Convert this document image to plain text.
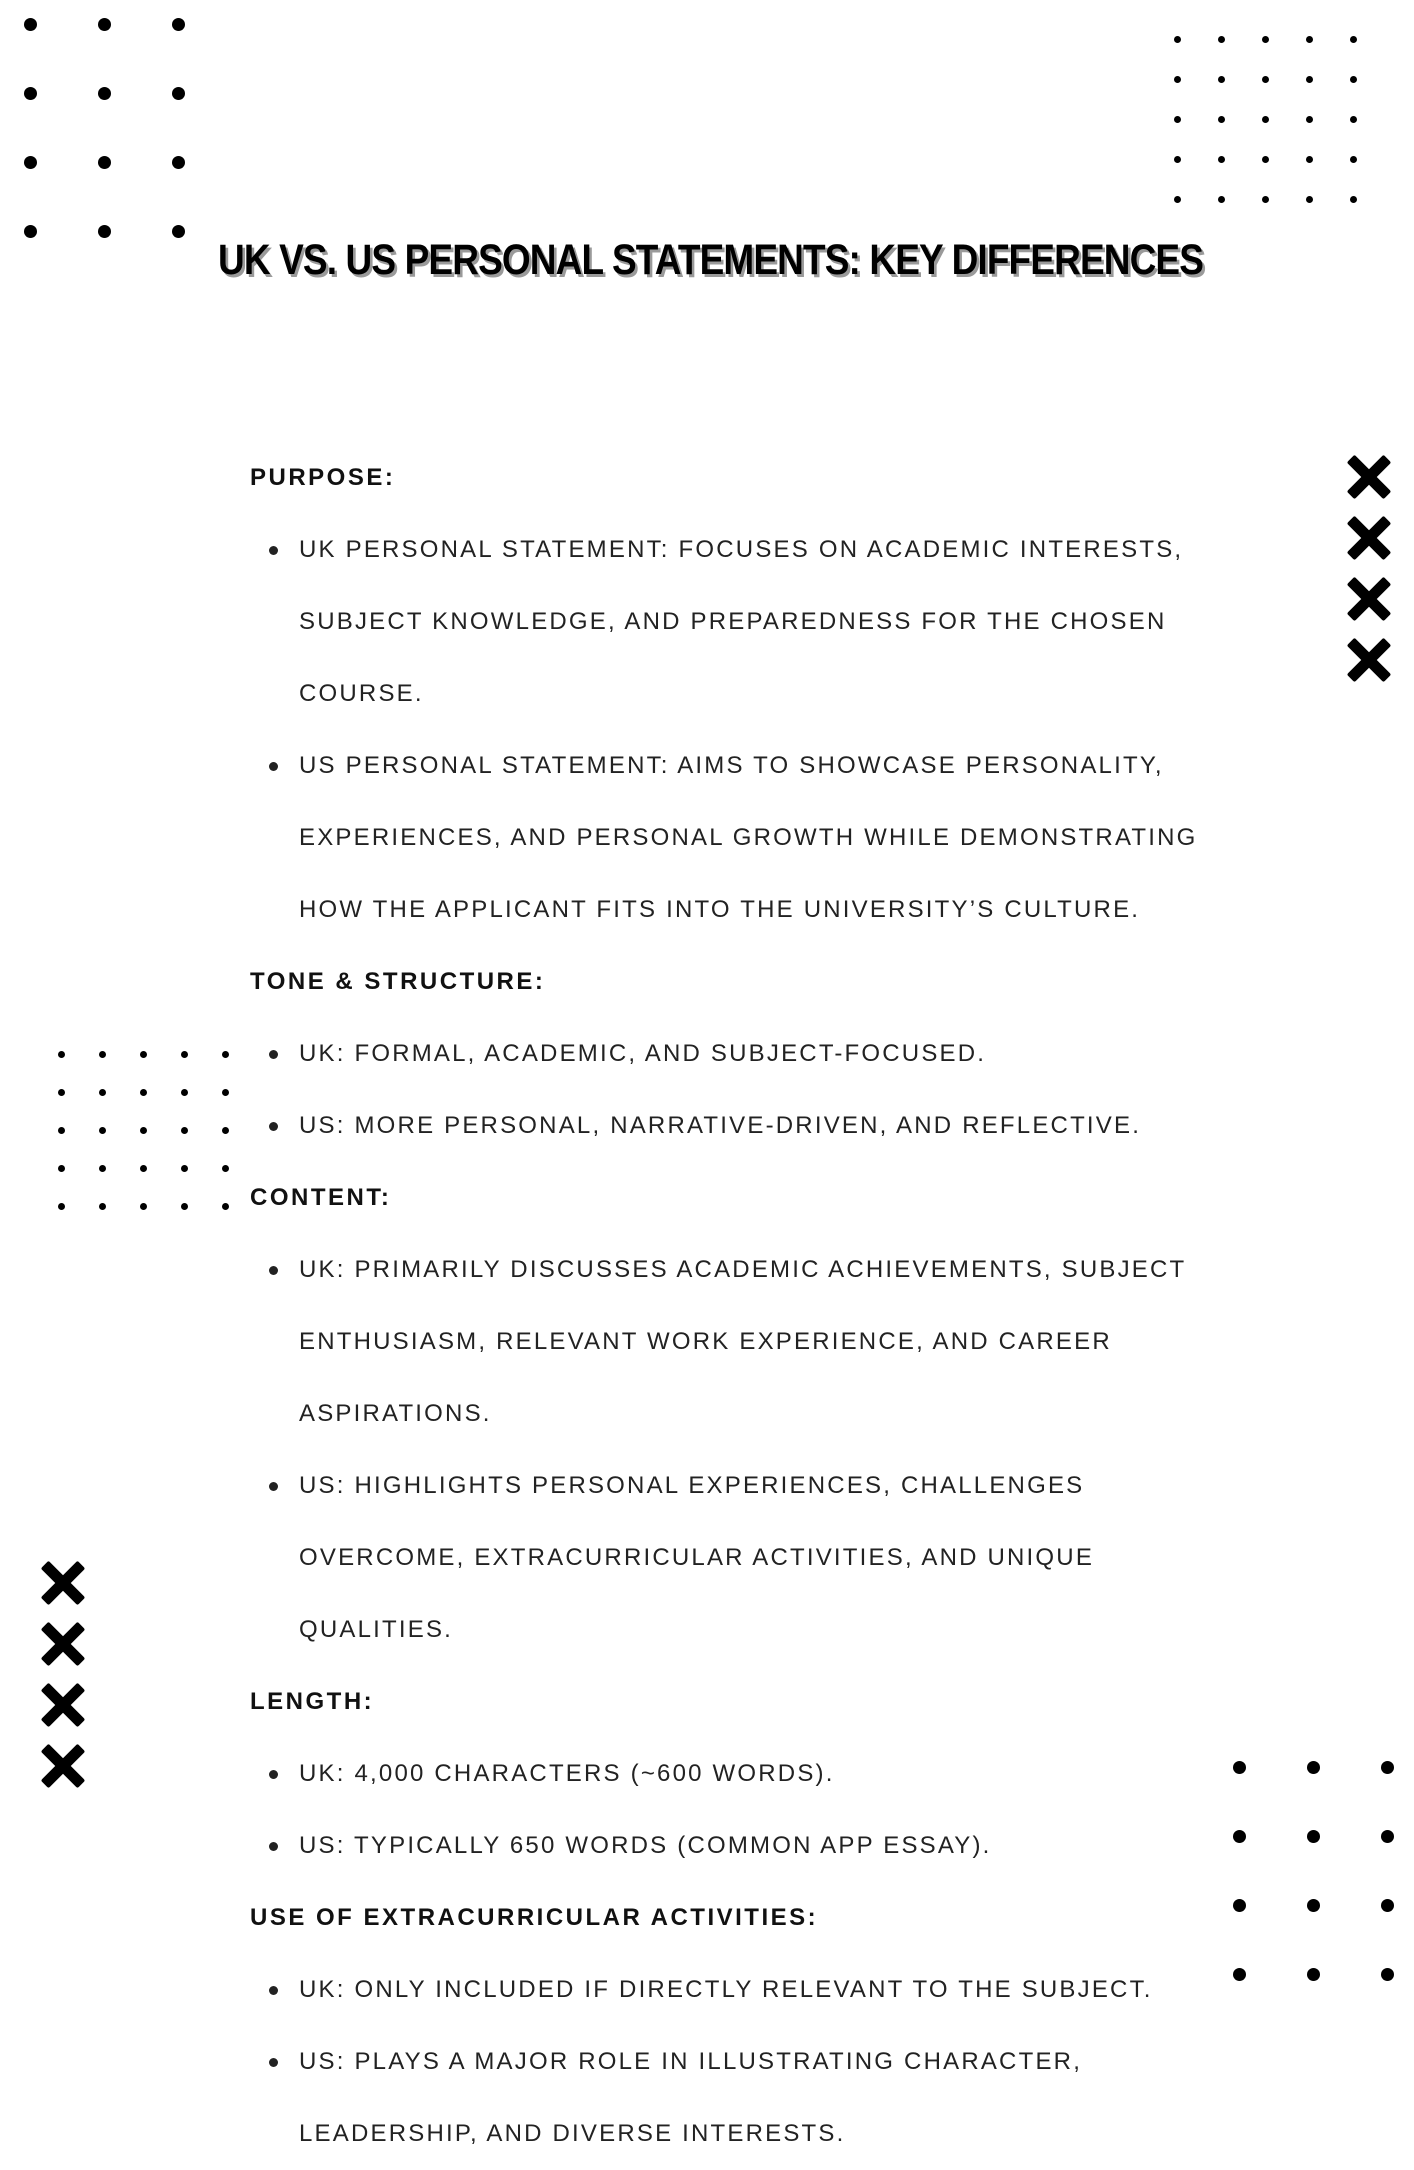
UK VS. US PERSONAL STATEMENTS: KEY DIFFERENCES
PURPOSE:
UK PERSONAL STATEMENT: FOCUSES ON ACADEMIC INTERESTS, SUBJECT KNOWLEDGE, AND PREPAREDNESS FOR THE CHOSEN COURSE.
US PERSONAL STATEMENT: AIMS TO SHOWCASE PERSONALITY, EXPERIENCES, AND PERSONAL GROWTH WHILE DEMONSTRATING HOW THE APPLICANT FITS INTO THE UNIVERSITY’S CULTURE.
TONE & STRUCTURE:
UK: FORMAL, ACADEMIC, AND SUBJECT-FOCUSED.
US: MORE PERSONAL, NARRATIVE-DRIVEN, AND REFLECTIVE.
CONTENT:
UK: PRIMARILY DISCUSSES ACADEMIC ACHIEVEMENTS, SUBJECT ENTHUSIASM, RELEVANT WORK EXPERIENCE, AND CAREER ASPIRATIONS.
US: HIGHLIGHTS PERSONAL EXPERIENCES, CHALLENGES OVERCOME, EXTRACURRICULAR ACTIVITIES, AND UNIQUE QUALITIES.
LENGTH:
UK: 4,000 CHARACTERS (~600 WORDS).
US: TYPICALLY 650 WORDS (COMMON APP ESSAY).
USE OF EXTRACURRICULAR ACTIVITIES:
UK: ONLY INCLUDED IF DIRECTLY RELEVANT TO THE SUBJECT.
US: PLAYS A MAJOR ROLE IN ILLUSTRATING CHARACTER, LEADERSHIP, AND DIVERSE INTERESTS.
